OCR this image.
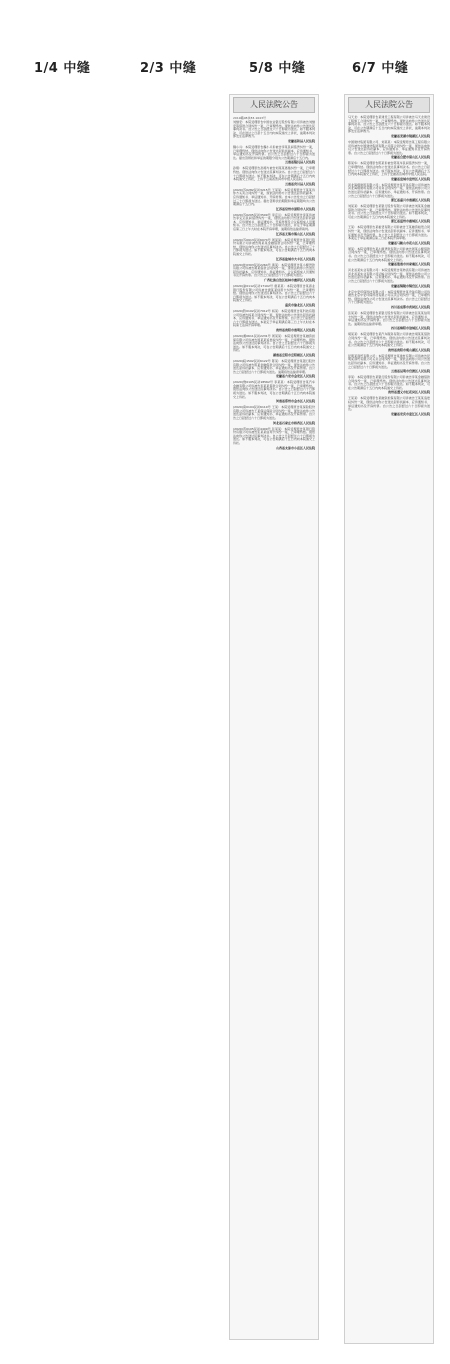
1/4 中缝	2/3 中缝	5/8 中缝	6/7 中缝
人民法院公告
2019赣08执83-1643号
刘继宏：本院受理原告中国农业银行股份有限公司诉被告刘继宏等借款合同纠纷一案，已审理终结。现依法向你公告送达民事判决书。自公告之日起经过六十日即视为送达。如不服本判决，可在送达之日起十五日内向本院递交上诉状，逾期本判决即发生法律效力。
安徽省和县人民法院
魏小兵：本院受理原告魏小兵诉被告李某民间借贷纠纷一案，已审理终结。现依法向你公告送达起诉状副本、应诉通知书、举证通知书及开庭传票。自公告之日起经过六十日即视为送达。提出答辩状和举证的期限分别为公告期满后十五日内。
云南省镇沅县人民法院
孙翔：本院受理原告孙翔与被告刘某某离婚纠纷一案，已审理终结。现依法向你公告送达民事判决书。自公告之日起经过六十日即视为送达。如不服本判决，可在公告期满后十五日内向本院递交上诉状，上诉于云南省普洱市中级人民法院。
云南省宾川县人民法院
(2020)苏0282民初3215号 王某某：本院受理原告王某某诉你方买卖合同纠纷一案，现依法向你方公告送达起诉状副本、应诉通知书、举证通知书、开庭传票。自本公告发出之日起经过三十日即视为送达。提出答辩状的期限和举证期限均为公告期满后十五日内。
江苏省常州市溧阳市人民法院
(2020)苏0205民初3509号 李定运：本院受理原告李某诉被告李定运民间借贷纠纷一案，现依法向你公告送达起诉状副本、应诉通知书、举证通知书、开庭传票及合议庭组成人员通知书。自公告之日起经过三十日即视为送达，并定于举证期满后第三日上午九时在本院开庭审理，逾期将依法缺席裁判。
江苏省无锡市锡山区人民法院
(2020)苏0913民初6074号 周某某：本院受理原告某银行股份有限公司诉被告周某某金融借款合同纠纷一案，已审理终结，现依法向你公告送达民事判决书。自公告之日起经过三十日即视为送达。如不服本判决，可在公告期满后十五日内向本院递交上诉状。
江苏省盐城市大丰区人民法院
(2020)桂0303民初2264号 黄某：本院受理原告某小额贷款有限公司诉被告黄某借款合同纠纷一案，现依法向你公告送达起诉状副本、应诉通知书、举证通知书、合议庭组成人员通知书及开庭传票。自公告之日起经过六十日即视为送达。
广西壮族自治区桂林市叠彩区人民法院
(2020)渝0112民初17102号 唐某某：本院受理原告某商业银行股份有限公司诉被告唐某某信用卡纠纷一案，已审理终结。现依法向你公告送达民事判决书。自公告之日起经过六十日即视为送达。如不服本判决，可在公告期满后十五日内向本院递交上诉状。
重庆市渝北区人民法院
(2020)黔0102民初7012号 杨某：本院受理原告某科技有限公司诉被告杨某合同纠纷一案，现依法向你公告送达起诉状副本、应诉通知书、举证通知书及开庭传票。自公告之日起经过六十日即视为送达。本案定于举证期满后第三日上午九时在本院第七法庭开庭审理。
贵州省贵阳市南明区人民法院
(2020)湘0611民初2231号 周某某：本院受理原告某融资担保有限公司诉被告周某某追偿权纠纷一案，已审理终结。现依法向你公告送达民事判决书。自公告之日起经过六十日即视为送达。如不服本判决，可在公告期满后十五日内向本院递交上诉状。
湖南省岳阳市岳阳楼区人民法院
(2020)皖1502民初6122号 陈某：本院受理原告某银行股份有限公司诉被告陈某金融借款合同纠纷一案，现依法向你公告送达起诉状副本、应诉通知书、举证通知书及开庭传票。自公告之日起经过六十日即视为送达。逾期将依法缺席审理。
安徽省六安市金安区人民法院
(2020)豫0105民初18562号 李某某：本院受理原告某汽车金融有限公司诉被告李某某借款合同纠纷一案，已审理终结。现依法向你公告送达民事判决书。自公告之日起经过六十日即视为送达。如不服本判决，可在公告期满后十五日内向本院递交上诉状。
河南省郑州市金水区人民法院
(2020)冀0104民初6110号 王某：本院受理原告某保险股份有限公司诉被告王某保证保险合同纠纷一案，现依法向你公告送达起诉状副本、应诉通知书、举证通知书及开庭传票。自公告之日起经过六十日即视为送达。
河北省石家庄市桥西区人民法院
(2020)晋0105民初4409号 张某某：本院受理原告某银行股份有限公司诉被告张某某信用卡纠纷一案，已审理终结。现依法向你公告送达民事判决书。自公告之日起经过六十日即视为送达。如不服本判决，可在公告期满后十五日内向本院递交上诉状。
山西省太原市小店区人民法院
人民法院公告
马天龙：本院受理原告某建设工程有限公司诉被告马天龙建设工程施工合同纠纷一案，已审理终结。现依法向你公告送达民事判决书。自公告之日起经过六十日即视为送达。如不服本判决，可在公告期满后十五日内向本院递交上诉状，逾期本判决即发生法律效力。
安徽省芜湖市镜湖区人民法院
中国建材集团有限公司、刘某某：本院受理原告某工程有限公司诉被告中国建材集团有限公司等合同纠纷一案，现依法向你们公告送达起诉状副本、应诉通知书、举证通知书及开庭传票。自公告之日起经过六十日即视为送达。
安徽省合肥市蜀山区人民法院
陈某华：本院受理原告陈某诉被告陈某华民间借贷纠纷一案，已审理终结。现依法向你公告送达民事判决书。自公告之日起经过六十日即视为送达。如不服本判决，可在公告期满后十五日内向本院递交上诉状，上诉于安徽省宣城市中级人民法院。
安徽省宣城市宣州区人民法院
河北海翔建筑有限公司：本院受理原告某劳务有限公司诉被告河北海翔建筑有限公司劳务合同纠纷一案，现依法向你公司公告送达起诉状副本、应诉通知书、举证通知书、开庭传票。自公告之日起经过六十日即视为送达。
浙江省嘉兴市南湖区人民法院
刘某某：本院受理原告某银行股份有限公司诉被告刘某某金融借款合同纠纷一案，已审理终结。现依法向你公告送达民事判决书。自公告之日起经过六十日即视为送达。如不服本判决，可在公告期满后十五日内向本院递交上诉状。
浙江省温州市鹿城区人民法院
王某：本院受理原告某租赁有限公司诉被告王某融资租赁合同纠纷一案，现依法向你公告送达起诉状副本、应诉通知书、举证通知书及开庭传票。自公告之日起经过六十日即视为送达。本案定于举证期满后第三日在本院开庭审理。
安徽省马鞍山市花山区人民法院
周某：本院受理原告某小额贷款有限公司诉被告周某小额借款合同纠纷一案，已审理终结。现依法向你公告送达民事判决书。自公告之日起经过六十日即视为送达。如不服本判决，可在公告期满后十五日内向本院递交上诉状。
安徽省淮南市田家庵区人民法院
河北省某实业有限公司：本院受理原告某物流有限公司诉被告河北省某实业有限公司运输合同纠纷一案，现依法向你公司公告送达起诉状副本、应诉通知书、举证通知书及开庭传票。自公告之日起经过六十日即视为送达。
安徽省铜陵市铜官区人民法院
北京中宏环保科技有限公司：本院受理原告某设备有限公司诉被告北京中宏环保科技有限公司买卖合同纠纷一案，已审理终结。现依法向你公司公告送达民事判决书。自公告之日起经过六十日即视为送达。
四川省成都市武侯区人民法院
张某某：本院受理原告某银行股份有限公司诉被告张某某信用卡纠纷一案，现依法向你公告送达起诉状副本、应诉通知书、举证通知书及开庭传票。自公告之日起经过六十日即视为送达。逾期将依法缺席审理。
四川省绵阳市涪城区人民法院
胡某某：本院受理原告某汽车服务有限公司诉被告胡某某借款合同纠纷一案，已审理终结。现依法向你公告送达民事判决书。自公告之日起经过六十日即视为送达。如不服本判决，可在公告期满后十五日内向本院递交上诉状。
贵州省贵阳市观山湖区人民法院
昆明某商贸有限公司：本院受理原告某建材有限公司诉被告昆明某商贸有限公司买卖合同纠纷一案，现依法向你公司公告送达起诉状副本、应诉通知书、举证通知书及开庭传票。自公告之日起经过六十日即视为送达。
云南省昆明市官渡区人民法院
李某：本院受理原告某银行股份有限公司诉被告李某金融借款合同纠纷一案，已审理终结。现依法向你公告送达民事判决书。自公告之日起经过六十日即视为送达。如不服本判决，可在公告期满后十五日内向本院递交上诉状。
贵州省遵义市红花岗区人民法院
王某某：本院受理原告某融资担保有限公司诉被告王某某追偿权纠纷一案，现依法向你公告送达起诉状副本、应诉通知书、举证通知书及开庭传票。自公告之日起经过六十日即视为送达。
安徽省安庆市迎江区人民法院
